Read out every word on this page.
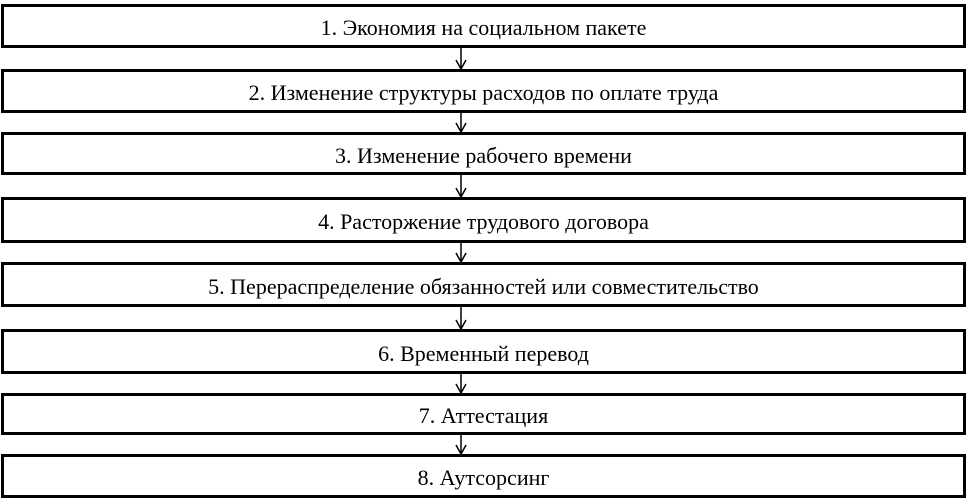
1. Экономия на социальном пакете
2. Изменение структуры расходов по оплате труда
3. Изменение рабочего времени
4. Расторжение трудового договора
5. Перераспределение обязанностей или совместительство
6. Временный перевод
7. Аттестация
8. Аутсорсинг
